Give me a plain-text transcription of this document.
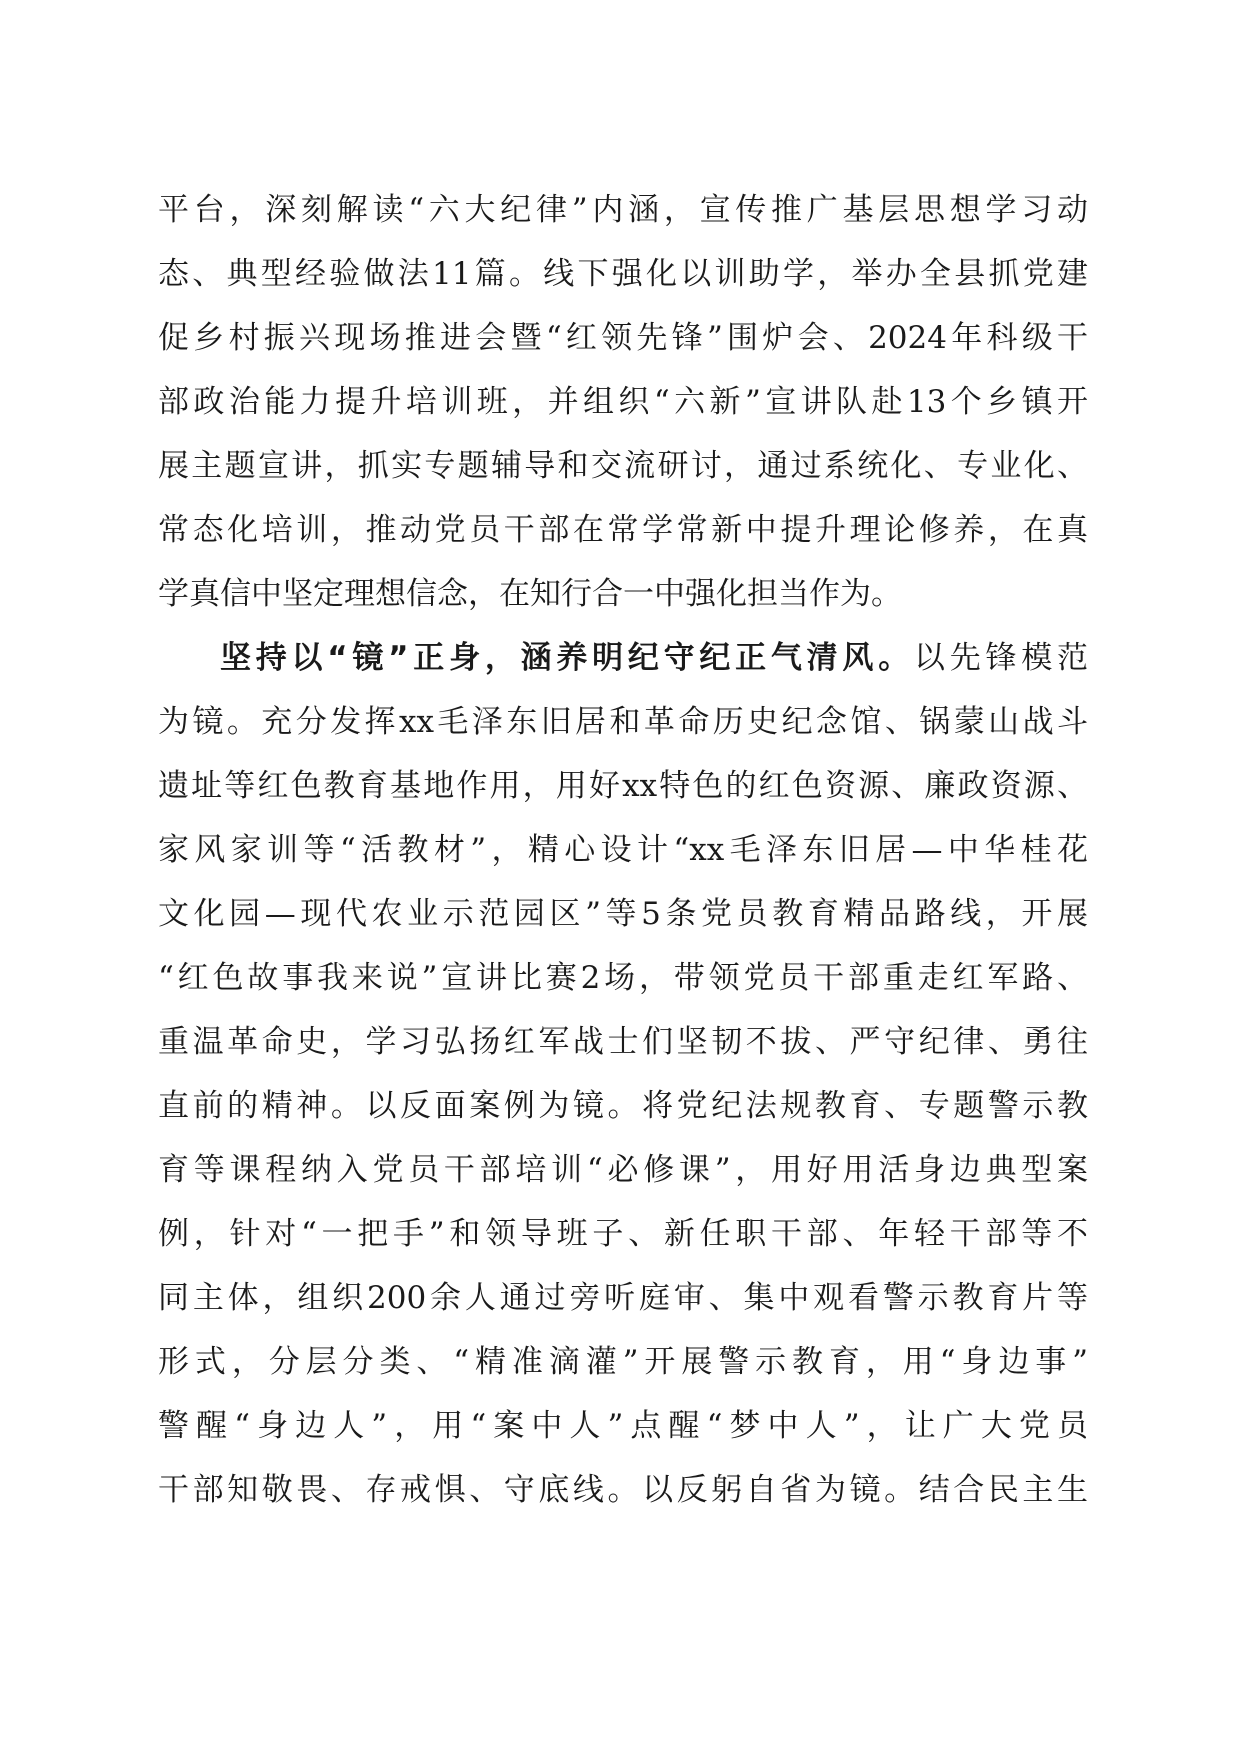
平台，深刻解读“六大纪律”内涵，宣传推广基层思想学习动
态、典型经验做法11篇。线下强化以训助学，举办全县抓党建
促乡村振兴现场推进会暨“红领先锋”围炉会、2024年科级干
部政治能力提升培训班，并组织“六新”宣讲队赴13个乡镇开
展主题宣讲，抓实专题辅导和交流研讨，通过系统化、专业化、
常态化培训，推动党员干部在常学常新中提升理论修养，在真
学真信中坚定理想信念，在知行合一中强化担当作为。
坚持以“镜”正身，涵养明纪守纪正气清风。以先锋模范
为镜。充分发挥xx毛泽东旧居和革命历史纪念馆、锅蒙山战斗
遗址等红色教育基地作用，用好xx特色的红色资源、廉政资源、
家风家训等“活教材”，精心设计“xx毛泽东旧居—中华桂花
文化园—现代农业示范园区”等5条党员教育精品路线，开展
“红色故事我来说”宣讲比赛2场，带领党员干部重走红军路、
重温革命史，学习弘扬红军战士们坚韧不拔、严守纪律、勇往
直前的精神。以反面案例为镜。将党纪法规教育、专题警示教
育等课程纳入党员干部培训“必修课”，用好用活身边典型案
例，针对“一把手”和领导班子、新任职干部、年轻干部等不
同主体，组织200余人通过旁听庭审、集中观看警示教育片等
形式，分层分类、“精准滴灌”开展警示教育，用“身边事”
警醒“身边人”，用“案中人”点醒“梦中人”，让广大党员
干部知敬畏、存戒惧、守底线。以反躬自省为镜。结合民主生
